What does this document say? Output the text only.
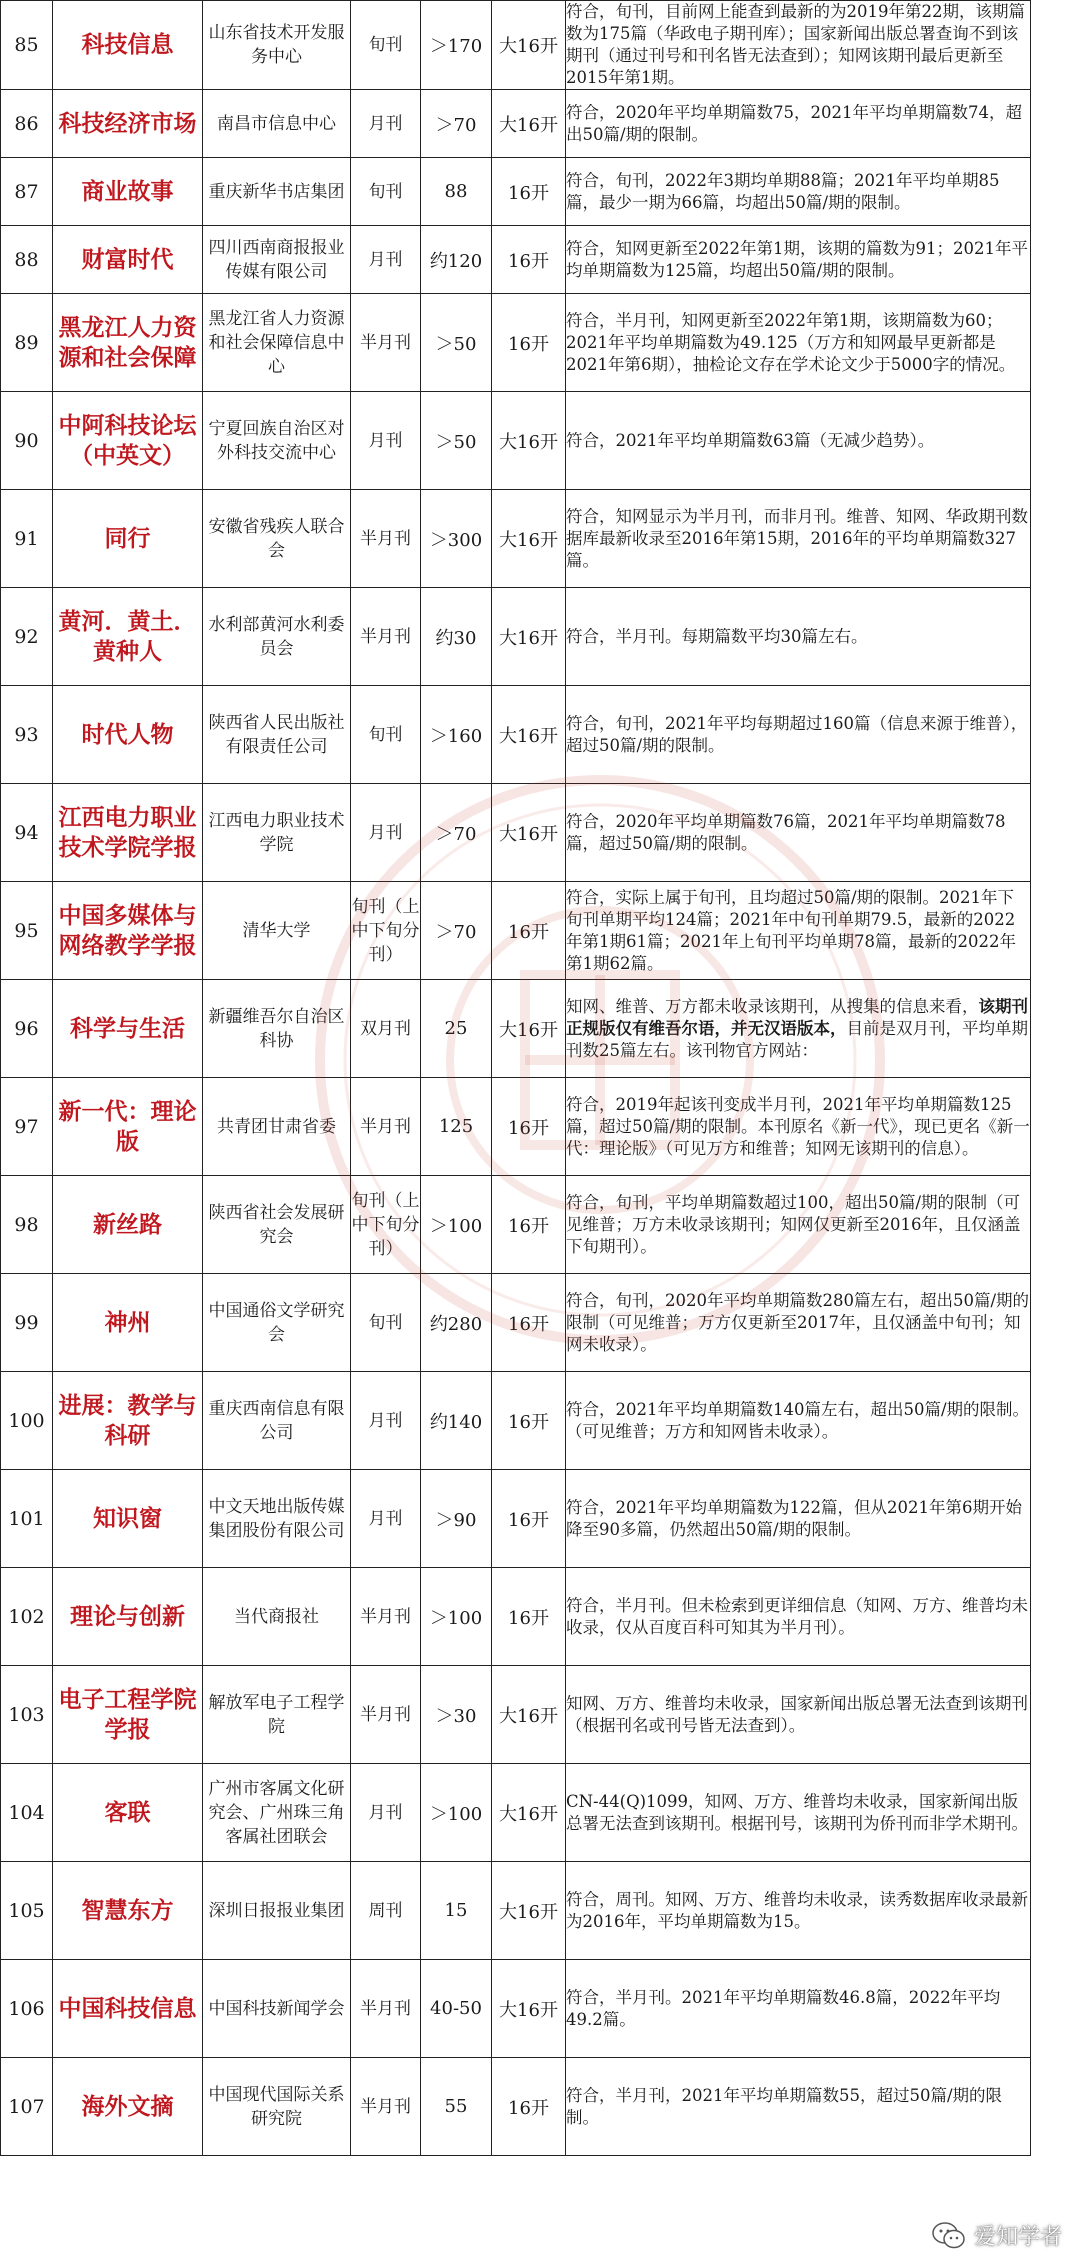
85	科技信息	山东省技术开发服务中心	旬刊	＞170	大16开	符合，旬刊，目前网上能查到最新的为2019年第22期，该期篇数为175篇（华政电子期刊库）；国家新闻出版总署查询不到该期刊（通过刊号和刊名皆无法查到）；知网该期刊最后更新至2015年第1期。
86	科技经济市场	南昌市信息中心	月刊	＞70	大16开	符合，2020年平均单期篇数75，2021年平均单期篇数74，超出50篇/期的限制。
87	商业故事	重庆新华书店集团	旬刊	88	16开	符合，旬刊，2022年3期均单期88篇；2021年平均单期85篇，最少一期为66篇，均超出50篇/期的限制。
88	财富时代	四川西南商报报业传媒有限公司	月刊	约120	16开	符合，知网更新至2022年第1期，该期的篇数为91；2021年平均单期篇数为125篇，均超出50篇/期的限制。
89	黑龙江人力资源和社会保障	黑龙江省人力资源和社会保障信息中心	半月刊	＞50	16开	符合，半月刊，知网更新至2022年第1期，该期篇数为60；2021年平均单期篇数为49.125（万方和知网最早更新都是2021年第6期），抽检论文存在学术论文少于5000字的情况。
90	中阿科技论坛（中英文）	宁夏回族自治区对外科技交流中心	月刊	＞50	大16开	符合，2021年平均单期篇数63篇（无减少趋势）。
91	同行	安徽省残疾人联合会	半月刊	＞300	大16开	符合，知网显示为半月刊，而非月刊。维普、知网、华政期刊数据库最新收录至2016年第15期，2016年的平均单期篇数327篇。
92	黄河．黄土．黄种人	水利部黄河水利委员会	半月刊	约30	大16开	符合，半月刊。每期篇数平均30篇左右。
93	时代人物	陕西省人民出版社有限责任公司	旬刊	＞160	大16开	符合，旬刊，2021年平均每期超过160篇（信息来源于维普），超过50篇/期的限制。
94	江西电力职业技术学院学报	江西电力职业技术学院	月刊	＞70	大16开	符合，2020年平均单期篇数76篇，2021年平均单期篇数78篇，超过50篇/期的限制。
95	中国多媒体与网络教学学报	清华大学	旬刊（上中下旬分刊）	＞70	16开	符合，实际上属于旬刊，且均超过50篇/期的限制。2021年下旬刊单期平均124篇；2021年中旬刊单期79.5，最新的2022年第1期61篇；2021年上旬刊平均单期78篇，最新的2022年第1期62篇。
96	科学与生活	新疆维吾尔自治区科协	双月刊	25	大16开	知网、维普、万方都未收录该期刊，从搜集的信息来看，该期刊正规版仅有维吾尔语，并无汉语版本，目前是双月刊，平均单期刊数25篇左右。该刊物官方网站：
97	新一代：理论版	共青团甘肃省委	半月刊	125	16开	符合，2019年起该刊变成半月刊，2021年平均单期篇数125篇，超过50篇/期的限制。本刊原名《新一代》，现已更名《新一代：理论版》（可见万方和维普；知网无该期刊的信息）。
98	新丝路	陕西省社会发展研究会	旬刊（上中下旬分刊）	＞100	16开	符合，旬刊，平均单期篇数超过100，超出50篇/期的限制（可见维普；万方未收录该期刊；知网仅更新至2016年，且仅涵盖下旬期刊）。
99	神州	中国通俗文学研究会	旬刊	约280	16开	符合，旬刊，2020年平均单期篇数280篇左右，超出50篇/期的限制（可见维普；万方仅更新至2017年，且仅涵盖中旬刊；知网未收录）。
100	进展：教学与科研	重庆西南信息有限公司	月刊	约140	16开	符合，2021年平均单期篇数140篇左右，超出50篇/期的限制。（可见维普；万方和知网皆未收录）。
101	知识窗	中文天地出版传媒集团股份有限公司	月刊	＞90	16开	符合，2021年平均单期篇数为122篇，但从2021年第6期开始降至90多篇，仍然超出50篇/期的限制。
102	理论与创新	当代商报社	半月刊	＞100	16开	符合，半月刊。但未检索到更详细信息（知网、万方、维普均未收录，仅从百度百科可知其为半月刊）。
103	电子工程学院学报	解放军电子工程学院	半月刊	＞30	大16开	知网、万方、维普均未收录，国家新闻出版总署无法查到该期刊（根据刊名或刊号皆无法查到）。
104	客联	广州市客属文化研究会、广州珠三角客属社团联会	月刊	＞100	大16开	CN-44(Q)1099，知网、万方、维普均未收录，国家新闻出版总署无法查到该期刊。根据刊号，该期刊为侨刊而非学术期刊。
105	智慧东方	深圳日报报业集团	周刊	15	大16开	符合，周刊。知网、万方、维普均未收录，读秀数据库收录最新为2016年，平均单期篇数为15。
106	中国科技信息	中国科技新闻学会	半月刊	40-50	大16开	符合，半月刊。2021年平均单期篇数46.8篇，2022年平均49.2篇。
107	海外文摘	中国现代国际关系研究院	半月刊	55	16开	符合，半月刊，2021年平均单期篇数55，超过50篇/期的限制。
爱知学者
